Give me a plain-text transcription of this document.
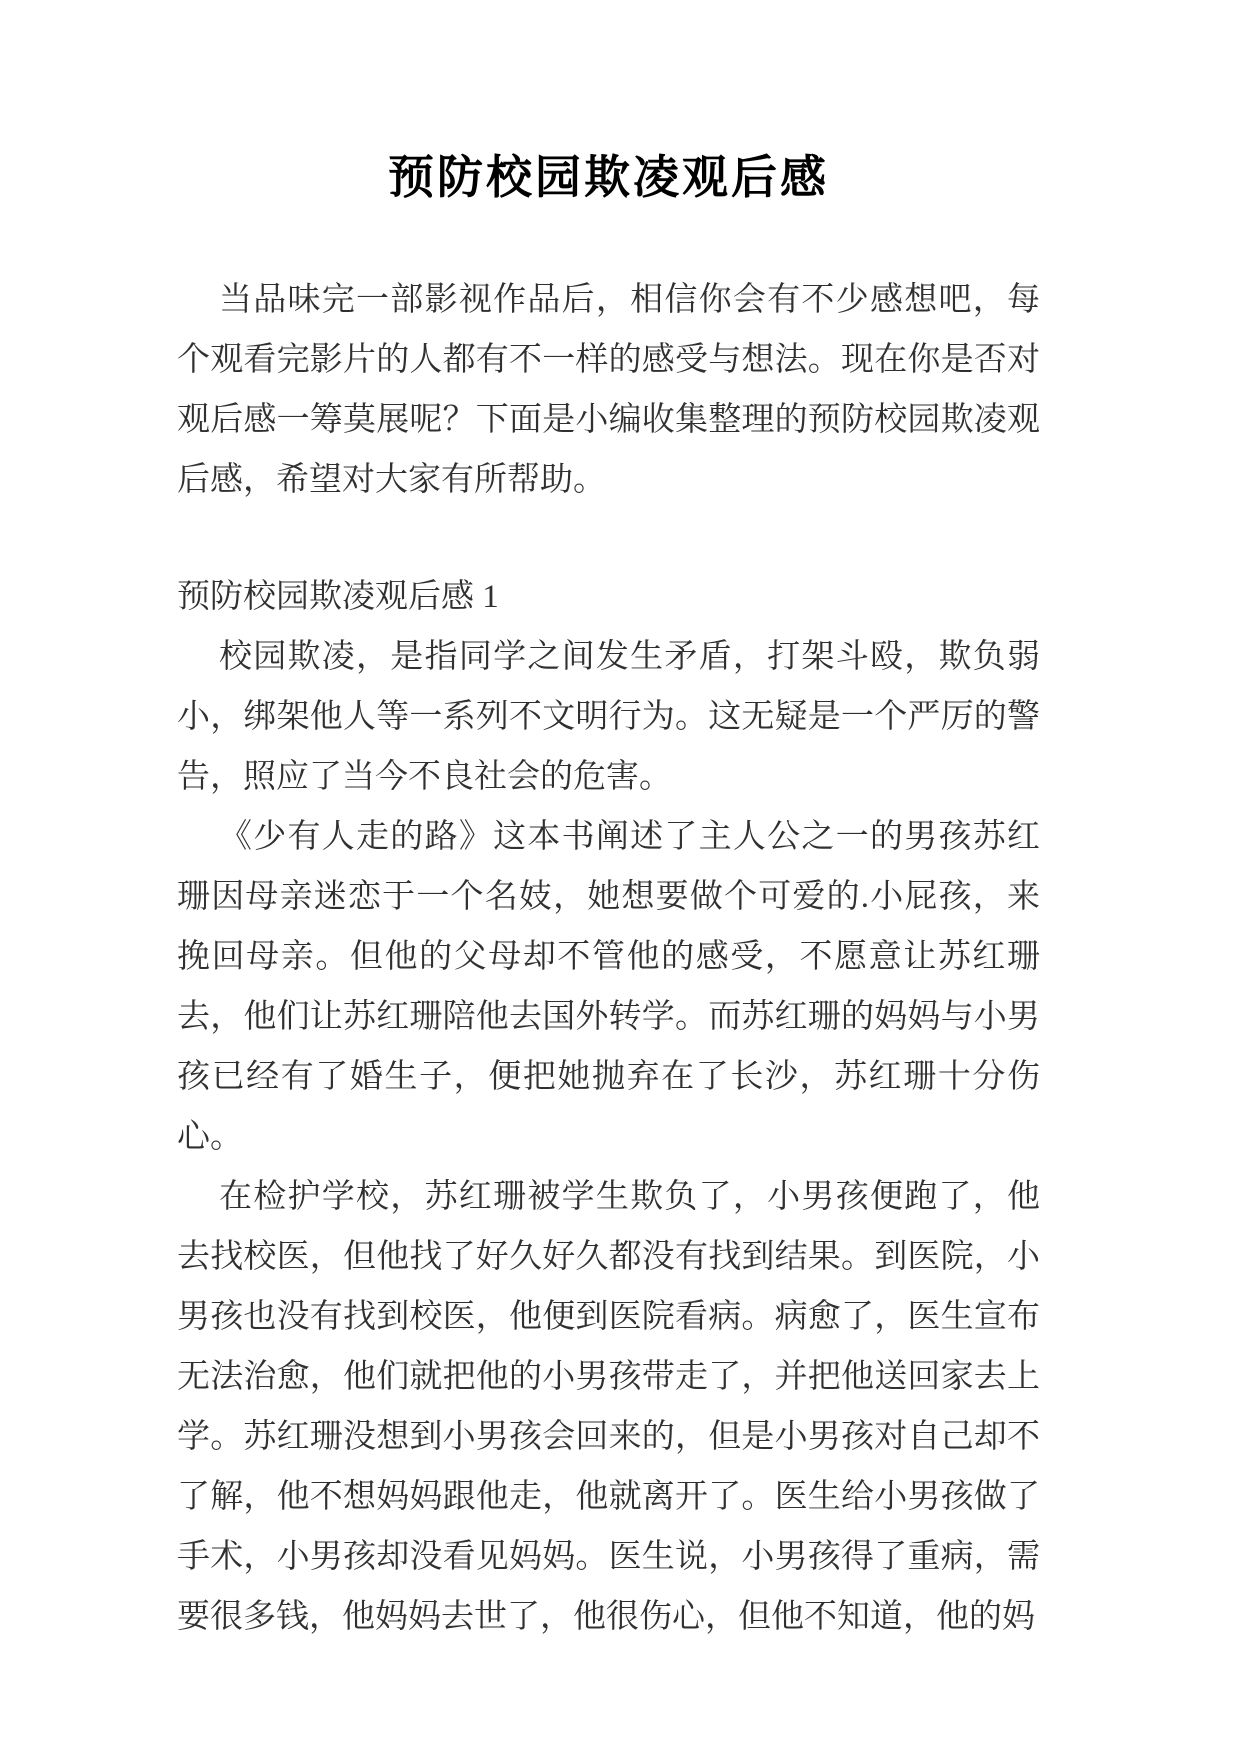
预防校园欺凌观后感

当品味完一部影视作品后，相信你会有不少感想吧，每个观看完影片的人都有不一样的感受与想法。现在你是否对观后感一筹莫展呢？下面是小编收集整理的预防校园欺凌观后感，希望对大家有所帮助。

预防校园欺凌观后感 1

校园欺凌，是指同学之间发生矛盾，打架斗殴，欺负弱小，绑架他人等一系列不文明行为。这无疑是一个严厉的警告，照应了当今不良社会的危害。

《少有人走的路》这本书阐述了主人公之一的男孩苏红珊因母亲迷恋于一个名妓，她想要做个可爱的.小屁孩，来挽回母亲。但他的父母却不管他的感受，不愿意让苏红珊去，他们让苏红珊陪他去国外转学。而苏红珊的妈妈与小男孩已经有了婚生子，便把她抛弃在了长沙，苏红珊十分伤心。

在检护学校，苏红珊被学生欺负了，小男孩便跑了，他去找校医，但他找了好久好久都没有找到结果。到医院，小男孩也没有找到校医，他便到医院看病。病愈了，医生宣布无法治愈，他们就把他的小男孩带走了，并把他送回家去上学。苏红珊没想到小男孩会回来的，但是小男孩对自己却不了解，他不想妈妈跟他走，他就离开了。医生给小男孩做了手术，小男孩却没看见妈妈。医生说，小男孩得了重病，需要很多钱，他妈妈去世了，他很伤心，但他不知道，他的妈
